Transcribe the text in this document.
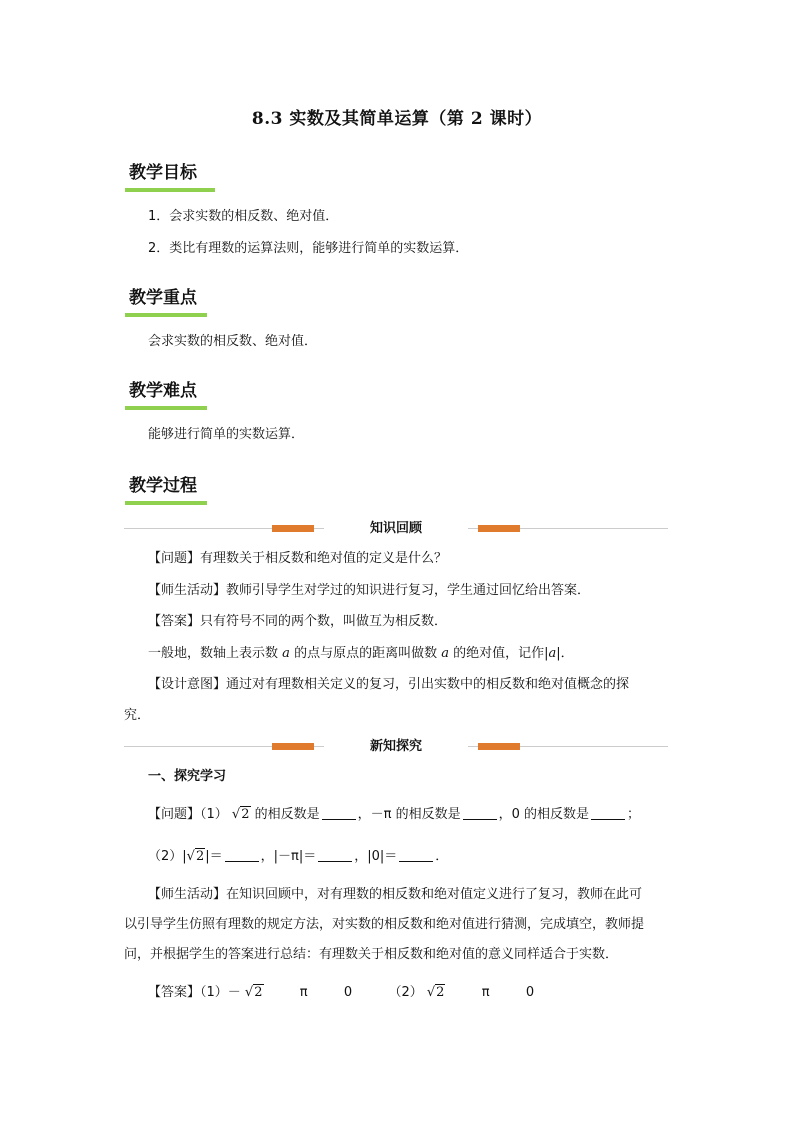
8.3 实数及其简单运算（第 2 课时）
教学目标
1．会求实数的相反数、绝对值．
2．类比有理数的运算法则，能够进行简单的实数运算．
教学重点
会求实数的相反数、绝对值．
教学难点
能够进行简单的实数运算．
教学过程
知识回顾
【问题】有理数关于相反数和绝对值的定义是什么？
【师生活动】教师引导学生对学过的知识进行复习，学生通过回忆给出答案．
【答案】只有符号不同的两个数，叫做互为相反数．
一般地，数轴上表示数 a 的点与原点的距离叫做数 a 的绝对值，记作|a|．
【设计意图】通过对有理数相关定义的复习，引出实数中的相反数和绝对值概念的探
究．
新知探究
一、探究学习
【问题】（1） √2 的相反数是	，－π 的相反数是	，0 的相反数是	；
（2）|√2|＝	，|－π|＝	，|0|＝	．
【师生活动】在知识回顾中，对有理数的相反数和绝对值定义进行了复习，教师在此可
以引导学生仿照有理数的规定方法，对实数的相反数和绝对值进行猜测，完成填空，教师提
问，并根据学生的答案进行总结：有理数关于相反数和绝对值的意义同样适合于实数．
【答案】（1）－ √2	π	0	（2） √2	π	0
